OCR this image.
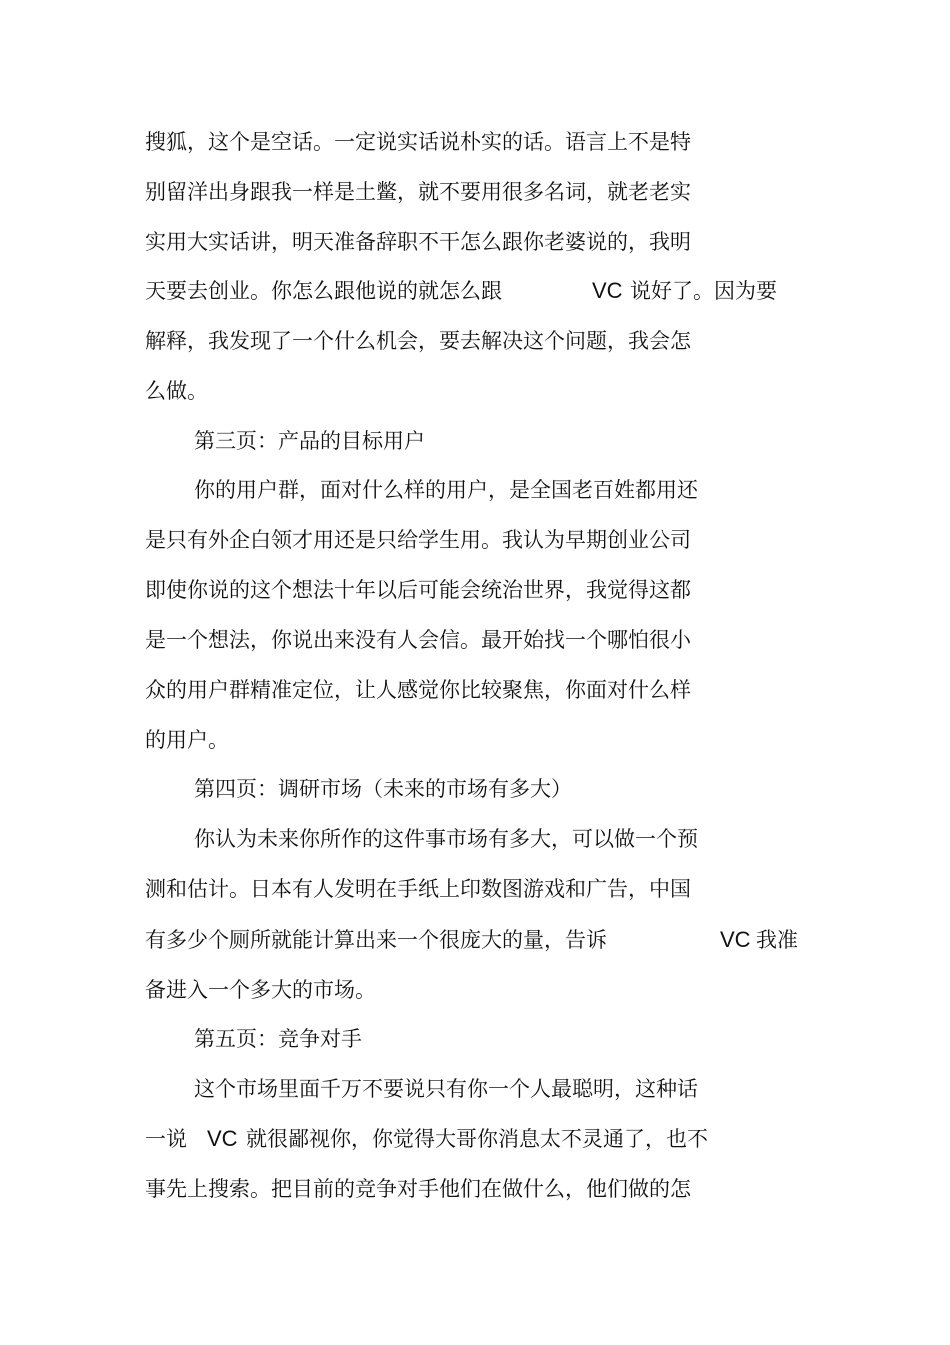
搜狐，这个是空话。一定说实话说朴实的话。语言上不是特
别留洋出身跟我一样是土鳖，就不要用很多名词，就老老实
实用大实话讲，明天准备辞职不干怎么跟你老婆说的，我明
天要去创业。你怎么跟他说的就怎么跟	VC 说好了。因为要
解释，我发现了一个什么机会，要去解决这个问题，我会怎
么做。
第三页：产品的目标用户
你的用户群，面对什么样的用户，是全国老百姓都用还
是只有外企白领才用还是只给学生用。我认为早期创业公司
即使你说的这个想法十年以后可能会统治世界，我觉得这都
是一个想法，你说出来没有人会信。最开始找一个哪怕很小
众的用户群精准定位，让人感觉你比较聚焦，你面对什么样
的用户。
第四页：调研市场（未来的市场有多大）
你认为未来你所作的这件事市场有多大，可以做一个预
测和估计。日本有人发明在手纸上印数图游戏和广告，中国
有多少个厕所就能计算出来一个很庞大的量，告诉	VC 我准
备进入一个多大的市场。
第五页：竞争对手
这个市场里面千万不要说只有你一个人最聪明，这种话
一说 VC 就很鄙视你，你觉得大哥你消息太不灵通了，也不
事先上搜索。把目前的竞争对手他们在做什么，他们做的怎
